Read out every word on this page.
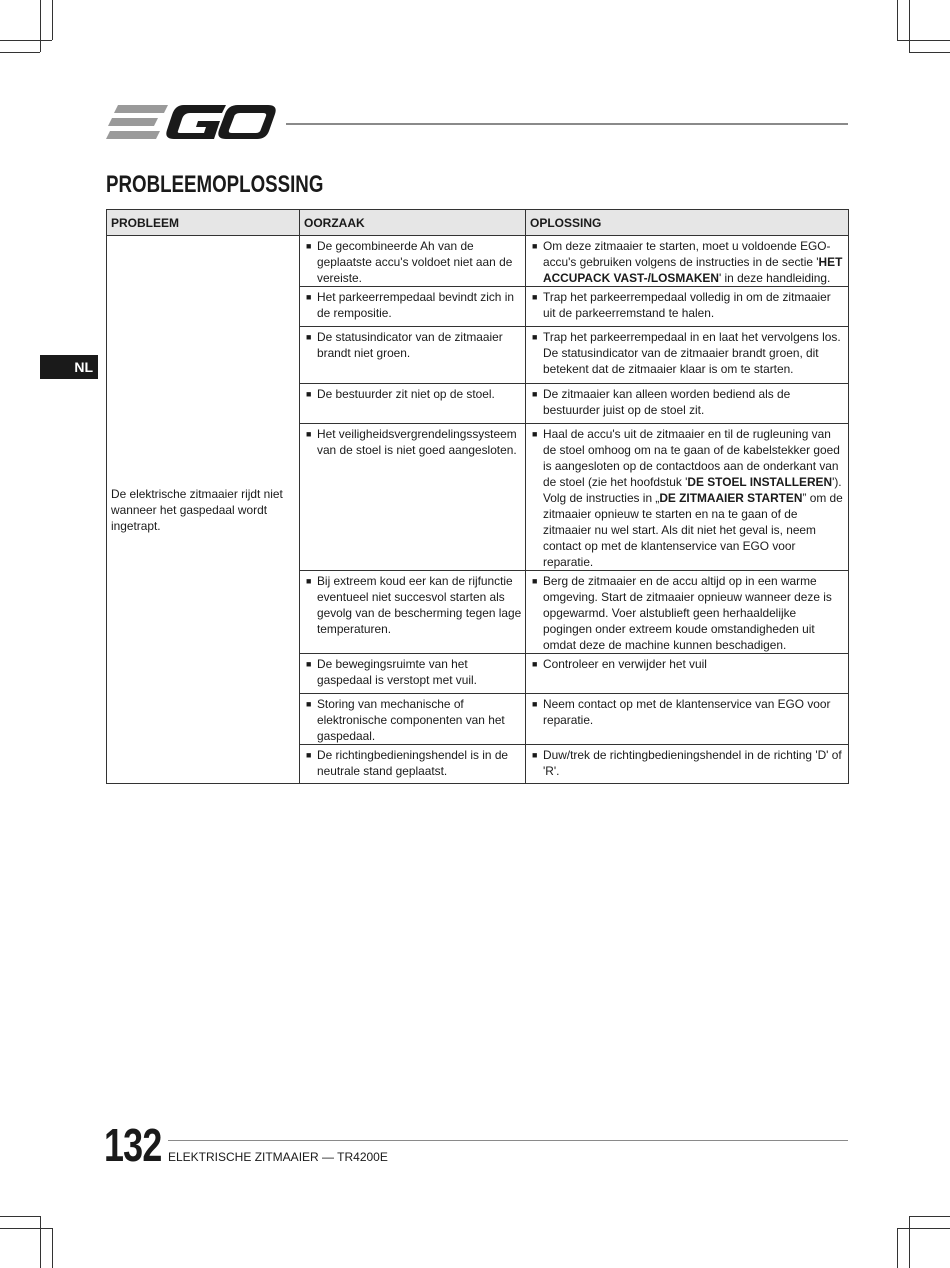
PROBLEEMOPLOSSING
NL
PROBLEEM	OORZAAK	OPLOSSING
De elektrische zitmaaier rijdt niet wanneer het gaspedaal wordt ingetrapt.	■ De gecombineerde Ah van de geplaatste accu's voldoet niet aan de vereiste.	■ Om deze zitmaaier te starten, moet u voldoende EGO-accu's gebruiken volgens de instructies in de sectie 'HET ACCUPACK VAST-/LOSMAKEN' in deze handleiding.

	■ Het parkeerrempedaal bevindt zich in de rempositie.	■ Trap het parkeerrempedaal volledig in om de zitmaaier uit de parkeerremstand te halen.

	■ De statusindicator van de zitmaaier brandt niet groen.	■ Trap het parkeerrempedaal in en laat het vervolgens los. De statusindicator van de zitmaaier brandt groen, dit betekent dat de zitmaaier klaar is om te starten.

	■ De bestuurder zit niet op de stoel.	■ De zitmaaier kan alleen worden bediend als de bestuurder juist op de stoel zit.

	■ Het veiligheidsvergrendelingssysteem van de stoel is niet goed aangesloten.	■ Haal de accu's uit de zitmaaier en til de rugleuning van de stoel omhoog om na te gaan of de kabelstekker goed is aangesloten op de contactdoos aan de onderkant van de stoel (zie het hoofdstuk 'DE STOEL INSTALLEREN'). Volg de instructies in „DE ZITMAAIER STARTEN” om de zitmaaier opnieuw te starten en na te gaan of de zitmaaier nu wel start. Als dit niet het geval is, neem contact op met de klantenservice van EGO voor reparatie.

	■ Bij extreem koud eer kan de rijfunctie eventueel niet succesvol starten als gevolg van de bescherming tegen lage temperaturen.	■ Berg de zitmaaier en de accu altijd op in een warme omgeving. Start de zitmaaier opnieuw wanneer deze is opgewarmd. Voer alstublieft geen herhaaldelijke pogingen onder extreem koude omstandigheden uit omdat deze de machine kunnen beschadigen.

	■ De bewegingsruimte van het gaspedaal is verstopt met vuil.	■ Controleer en verwijder het vuil

	■ Storing van mechanische of elektronische componenten van het gaspedaal.	■ Neem contact op met de klantenservice van EGO voor reparatie.

	■ De richtingbedieningshendel is in de neutrale stand geplaatst.	■ Duw/trek de richtingbedieningshendel in de richting 'D' of 'R'.
132 ELEKTRISCHE ZITMAAIER — TR4200E
